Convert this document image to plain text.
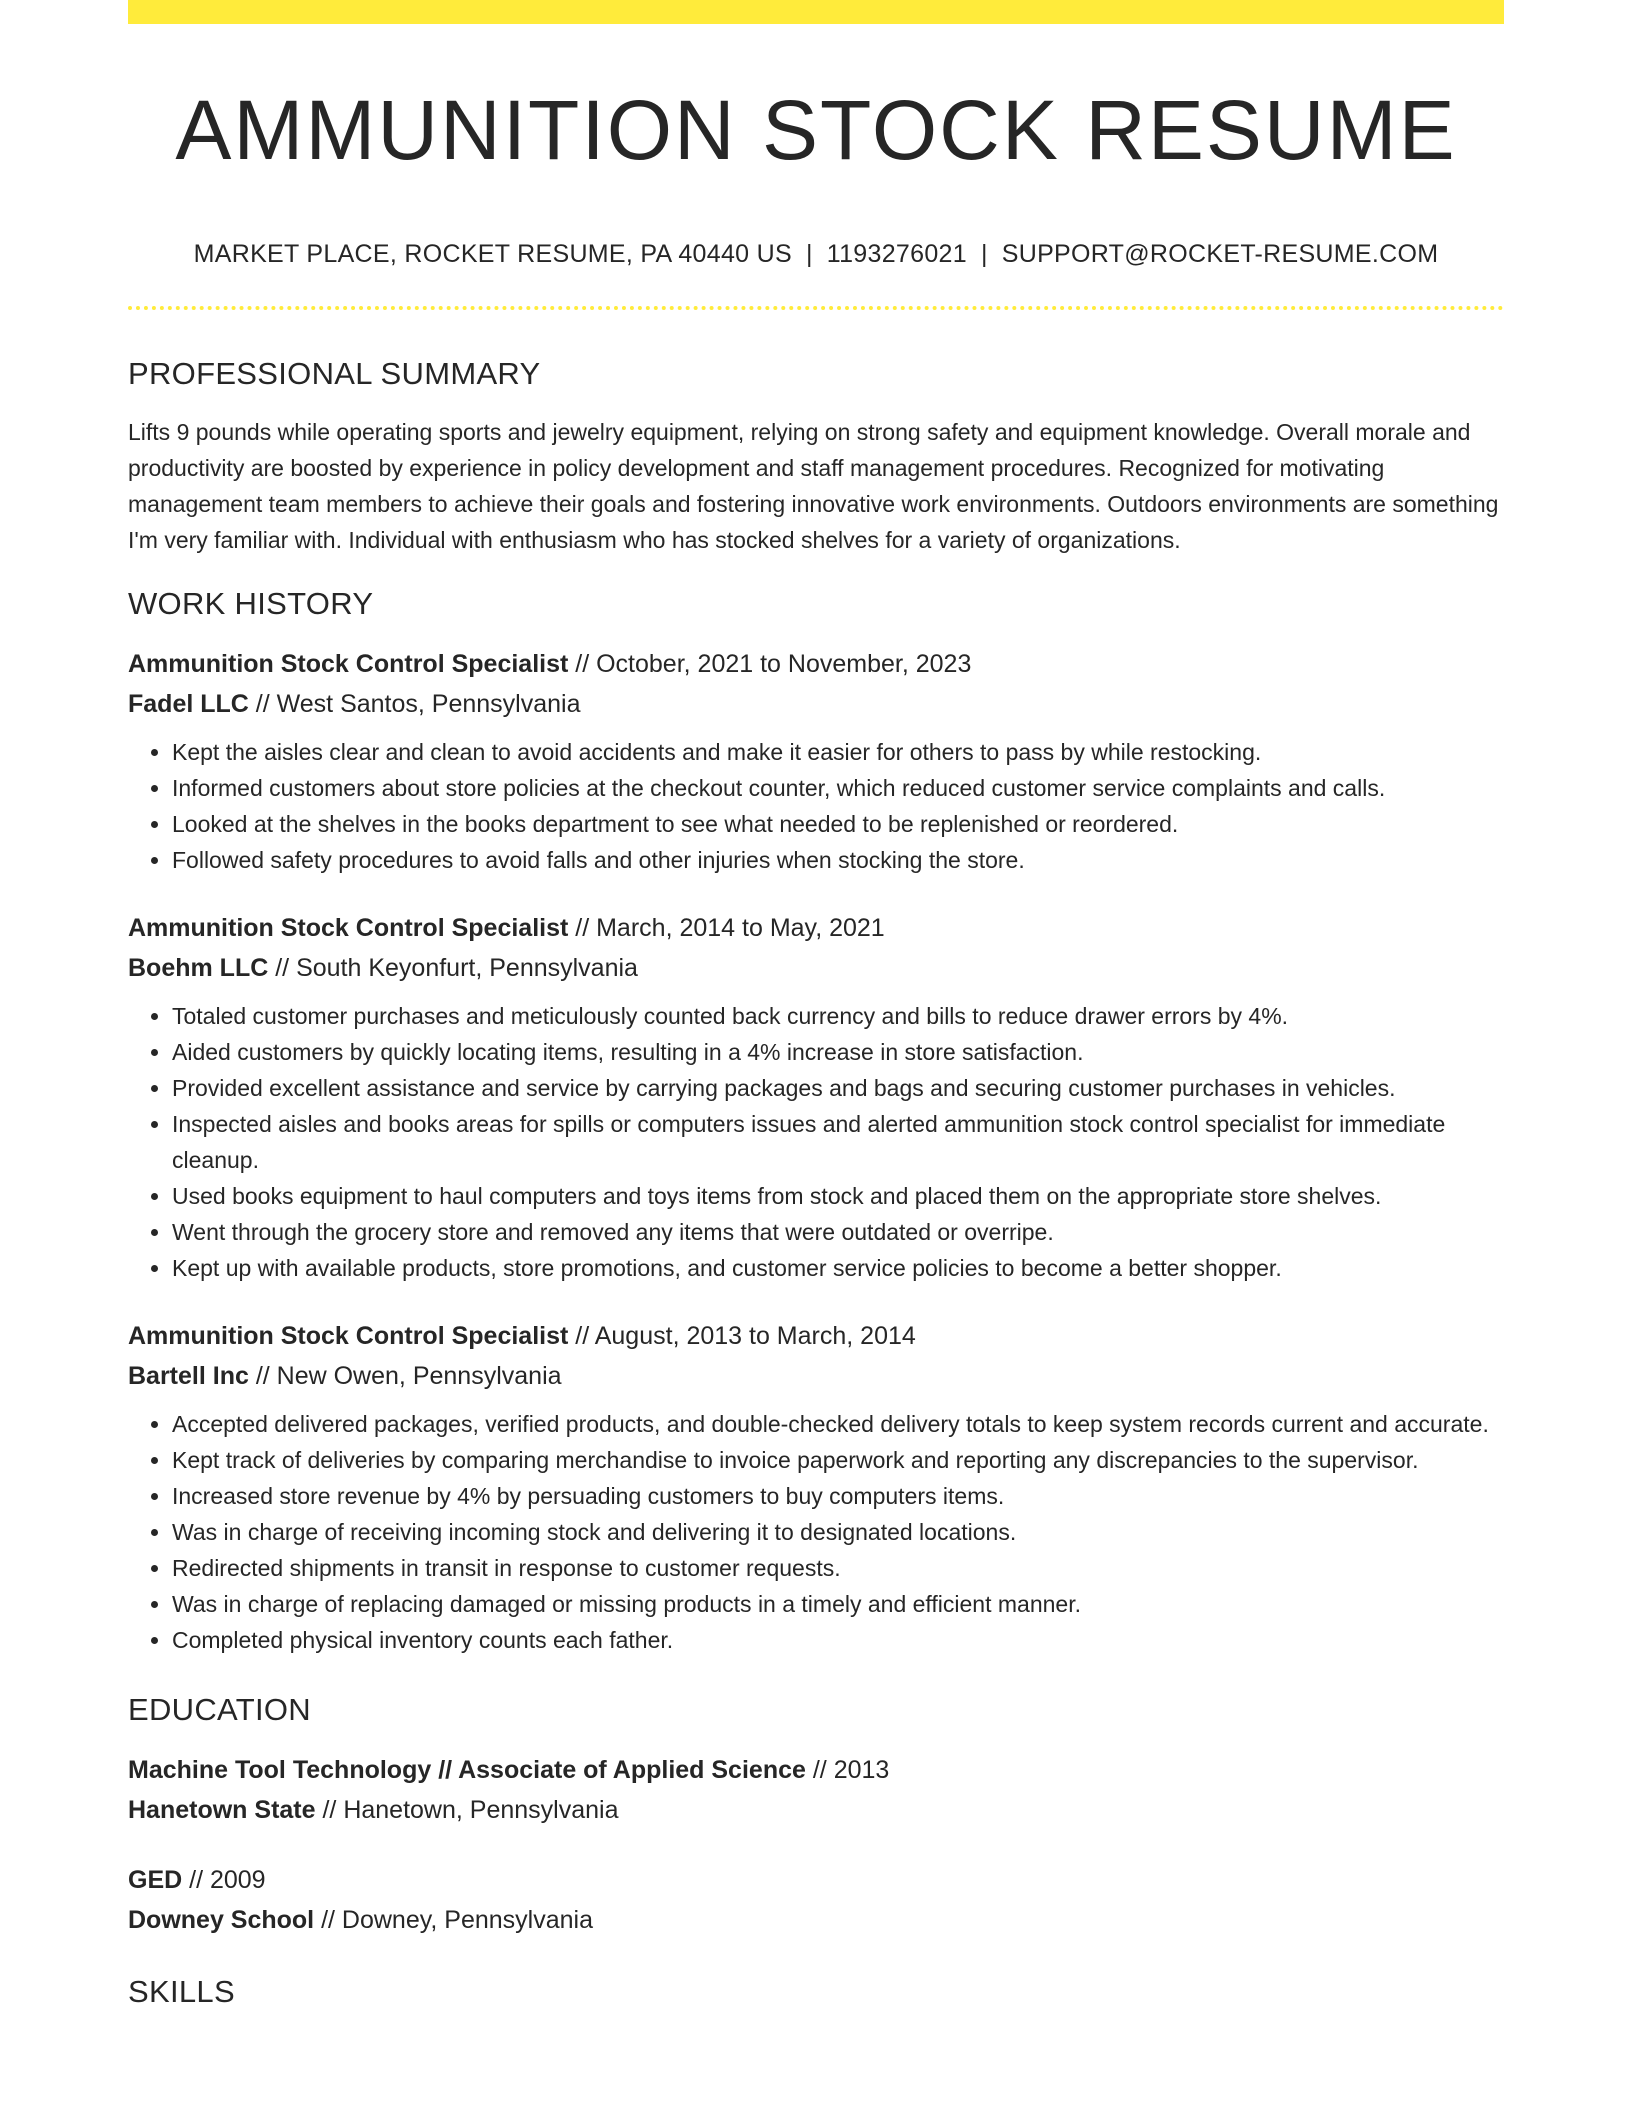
AMMUNITION STOCK RESUME
MARKET PLACE, ROCKET RESUME, PA 40440 US | 1193276021 | SUPPORT@ROCKET-RESUME.COM
PROFESSIONAL SUMMARY

Lifts 9 pounds while operating sports and jewelry equipment, relying on strong safety and equipment knowledge. Overall morale and productivity are boosted by experience in policy development and staff management procedures. Recognized for motivating management team members to achieve their goals and fostering innovative work environments. Outdoors environments are something I'm very familiar with. Individual with enthusiasm who has stocked shelves for a variety of organizations.

WORK HISTORY
Ammunition Stock Control Specialist // October, 2021 to November, 2023
Fadel LLC // West Santos, Pennsylvania
• Kept the aisles clear and clean to avoid accidents and make it easier for others to pass by while restocking.
• Informed customers about store policies at the checkout counter, which reduced customer service complaints and calls.
• Looked at the shelves in the books department to see what needed to be replenished or reordered.
• Followed safety procedures to avoid falls and other injuries when stocking the store.
Ammunition Stock Control Specialist // March, 2014 to May, 2021
Boehm LLC // South Keyonfurt, Pennsylvania
• Totaled customer purchases and meticulously counted back currency and bills to reduce drawer errors by 4%.
• Aided customers by quickly locating items, resulting in a 4% increase in store satisfaction.
• Provided excellent assistance and service by carrying packages and bags and securing customer purchases in vehicles.
• Inspected aisles and books areas for spills or computers issues and alerted ammunition stock control specialist for immediate cleanup.
• Used books equipment to haul computers and toys items from stock and placed them on the appropriate store shelves.
• Went through the grocery store and removed any items that were outdated or overripe.
• Kept up with available products, store promotions, and customer service policies to become a better shopper.
Ammunition Stock Control Specialist // August, 2013 to March, 2014
Bartell Inc // New Owen, Pennsylvania
• Accepted delivered packages, verified products, and double-checked delivery totals to keep system records current and accurate.
• Kept track of deliveries by comparing merchandise to invoice paperwork and reporting any discrepancies to the supervisor.
• Increased store revenue by 4% by persuading customers to buy computers items.
• Was in charge of receiving incoming stock and delivering it to designated locations.
• Redirected shipments in transit in response to customer requests.
• Was in charge of replacing damaged or missing products in a timely and efficient manner.
• Completed physical inventory counts each father.
EDUCATION
Machine Tool Technology // Associate of Applied Science // 2013
Hanetown State // Hanetown, Pennsylvania
GED // 2009
Downey School // Downey, Pennsylvania
SKILLS
